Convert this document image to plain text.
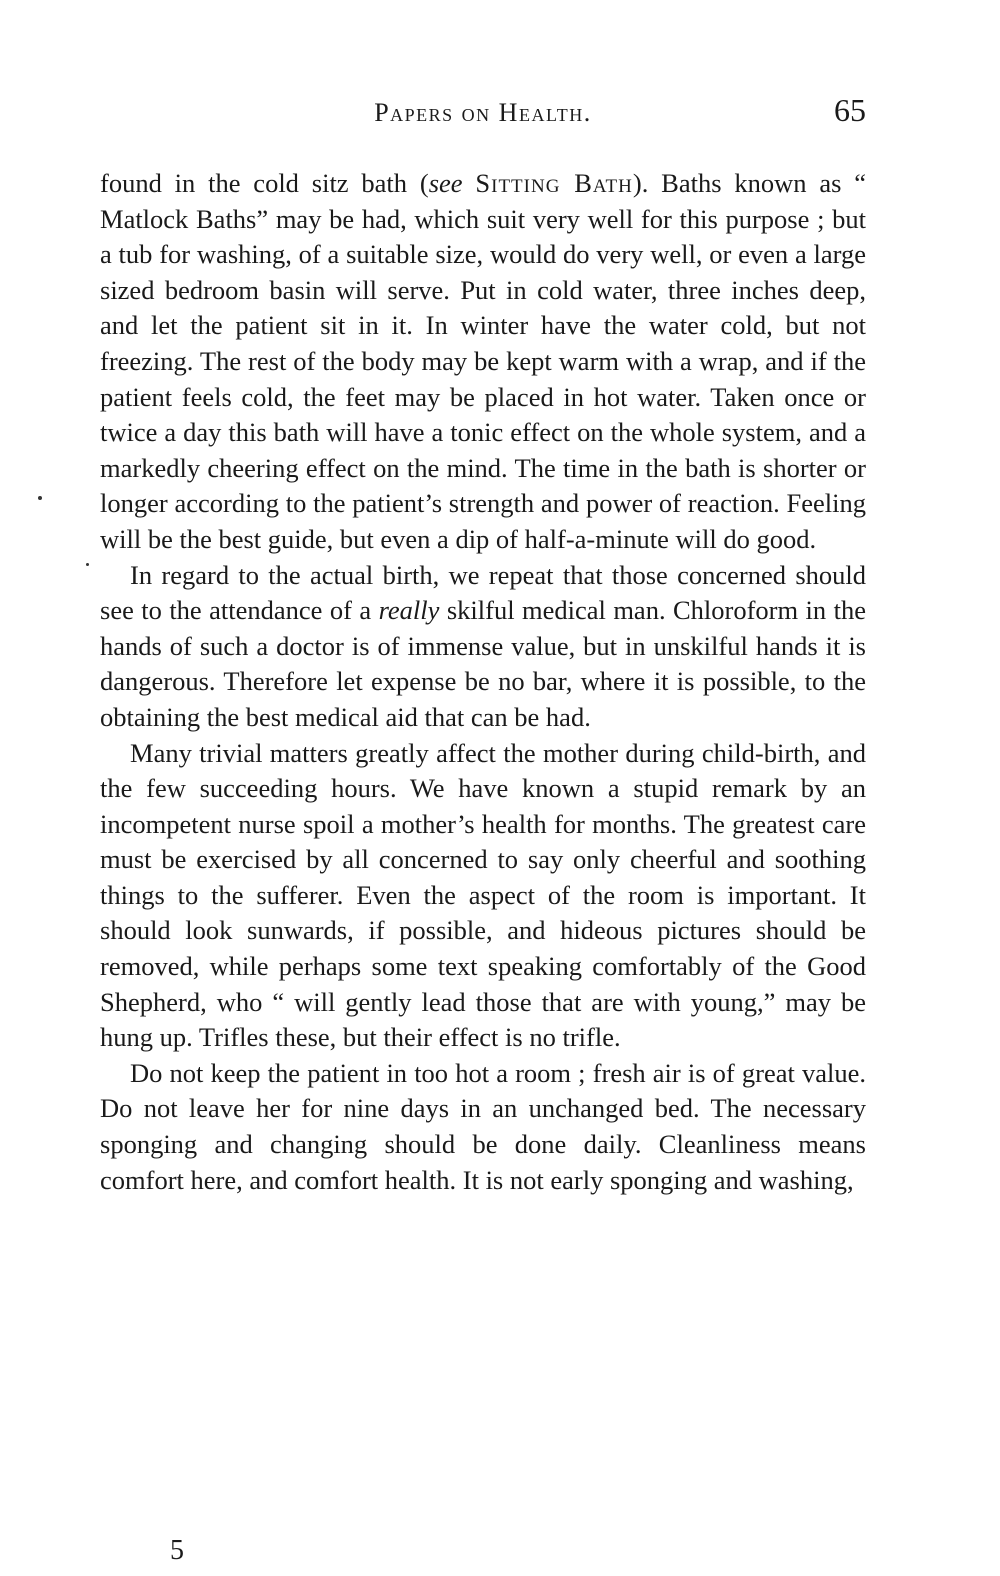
Papers on Health.	65

found in the cold sitz bath (see Sitting Bath). Baths known as “ Matlock Baths” may be had, which suit very well for this purpose ; but a tub for washing, of a suitable size, would do very well, or even a large sized bedroom basin will serve. Put in cold water, three inches deep, and let the patient sit in it. In winter have the water cold, but not freezing. The rest of the body may be kept warm with a wrap, and if the patient feels cold, the feet may be placed in hot water. Taken once or twice a day this bath will have a tonic effect on the whole system, and a markedly cheering effect on the mind. The time in the bath is shorter or longer according to the patient’s strength and power of reaction. Feeling will be the best guide, but even a dip of half-a-minute will do good.

In regard to the actual birth, we repeat that those concerned should see to the attendance of a really skilful medical man. Chloroform in the hands of such a doctor is of immense value, but in unskilful hands it is dangerous. Therefore let expense be no bar, where it is possible, to the obtaining the best medical aid that can be had.

Many trivial matters greatly affect the mother during child-birth, and the few succeeding hours. We have known a stupid remark by an incompetent nurse spoil a mother’s health for months. The greatest care must be exercised by all concerned to say only cheerful and soothing things to the sufferer. Even the aspect of the room is important. It should look sunwards, if possible, and hideous pictures should be removed, while perhaps some text speaking comfortably of the Good Shepherd, who “ will gently lead those that are with young,” may be hung up. Trifles these, but their effect is no trifle.

Do not keep the patient in too hot a room ; fresh air is of great value. Do not leave her for nine days in an unchanged bed. The necessary sponging and changing should be done daily. Cleanliness means comfort here, and comfort health. It is not early sponging and washing,

5
